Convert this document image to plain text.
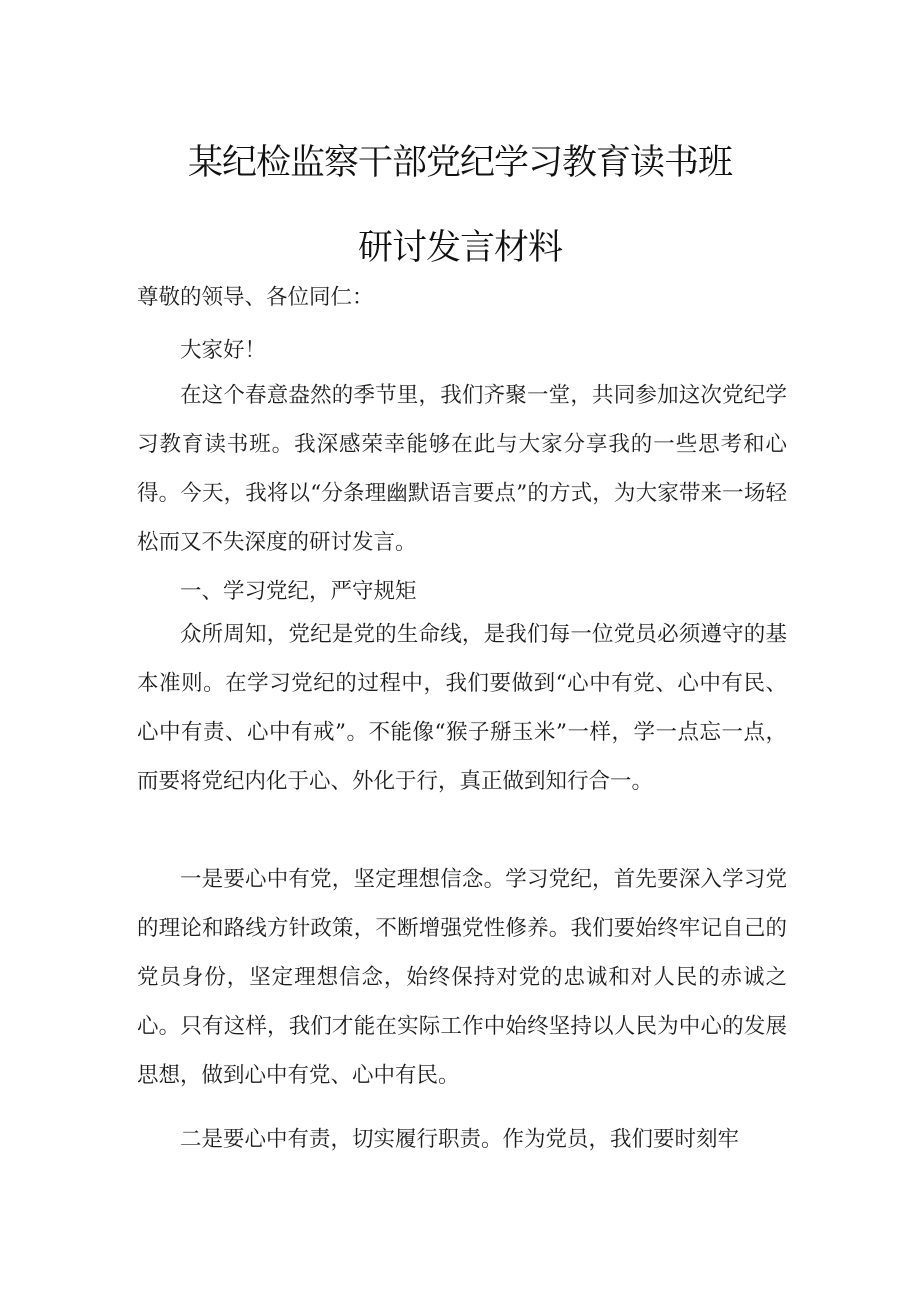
某纪检监察干部党纪学习教育读书班
研讨发言材料

尊敬的领导、各位同仁：

大家好！

在这个春意盎然的季节里，我们齐聚一堂，共同参加这次党纪学习教育读书班。我深感荣幸能够在此与大家分享我的一些思考和心得。今天，我将以“分条理幽默语言要点”的方式，为大家带来一场轻松而又不失深度的研讨发言。

一、学习党纪，严守规矩

众所周知，党纪是党的生命线，是我们每一位党员必须遵守的基本准则。在学习党纪的过程中，我们要做到“心中有党、心中有民、心中有责、心中有戒”。不能像“猴子掰玉米”一样，学一点忘一点，而要将党纪内化于心、外化于行，真正做到知行合一。

一是要心中有党，坚定理想信念。学习党纪，首先要深入学习党的理论和路线方针政策，不断增强党性修养。我们要始终牢记自己的党员身份，坚定理想信念，始终保持对党的忠诚和对人民的赤诚之心。只有这样，我们才能在实际工作中始终坚持以人民为中心的发展思想，做到心中有党、心中有民。

二是要心中有责，切实履行职责。作为党员，我们要时刻牢
